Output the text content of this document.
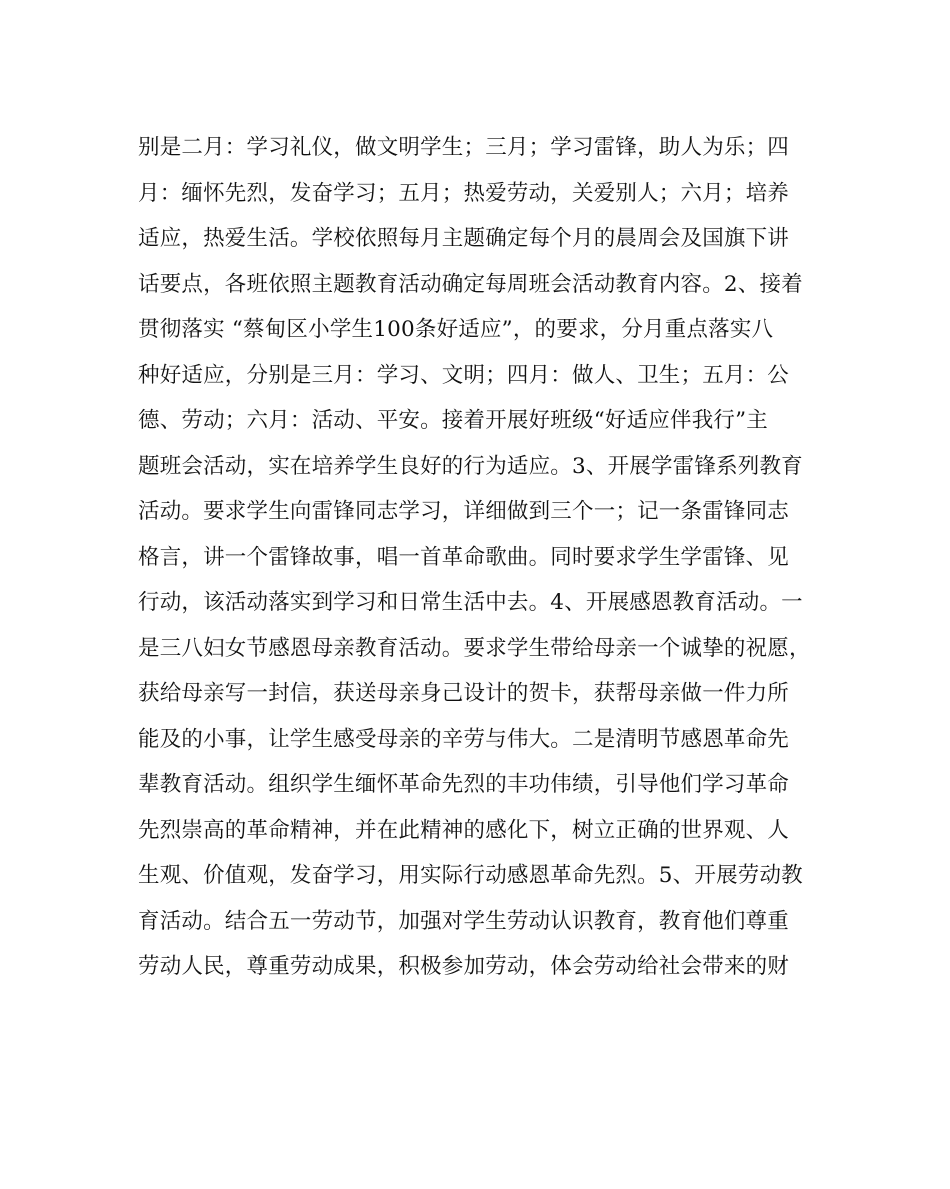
别是二月：学习礼仪，做文明学生；三月；学习雷锋，助人为乐；四
月：缅怀先烈，发奋学习；五月；热爱劳动，关爱别人；六月；培养
适应，热爱生活。学校依照每月主题确定每个月的晨周会及国旗下讲
话要点，各班依照主题教育活动确定每周班会活动教育内容。2、接着
贯彻落实 “蔡甸区小学生100条好适应”，的要求，分月重点落实八
种好适应，分别是三月：学习、文明；四月：做人、卫生；五月：公
德、劳动；六月：活动、平安。接着开展好班级“好适应伴我行”主
题班会活动，实在培养学生良好的行为适应。3、开展学雷锋系列教育
活动。要求学生向雷锋同志学习，详细做到三个一；记一条雷锋同志
格言，讲一个雷锋故事，唱一首革命歌曲。同时要求学生学雷锋、见
行动，该活动落实到学习和日常生活中去。4、开展感恩教育活动。一
是三八妇女节感恩母亲教育活动。要求学生带给母亲一个诚挚的祝愿，
获给母亲写一封信，获送母亲身己设计的贺卡，获帮母亲做一件力所
能及的小事，让学生感受母亲的辛劳与伟大。二是清明节感恩革命先
辈教育活动。组织学生缅怀革命先烈的丰功伟绩，引导他们学习革命
先烈崇高的革命精神，并在此精神的感化下，树立正确的世界观、人
生观、价值观，发奋学习，用实际行动感恩革命先烈。5、开展劳动教
育活动。结合五一劳动节，加强对学生劳动认识教育，教育他们尊重
劳动人民，尊重劳动成果，积极参加劳动，体会劳动给社会带来的财
